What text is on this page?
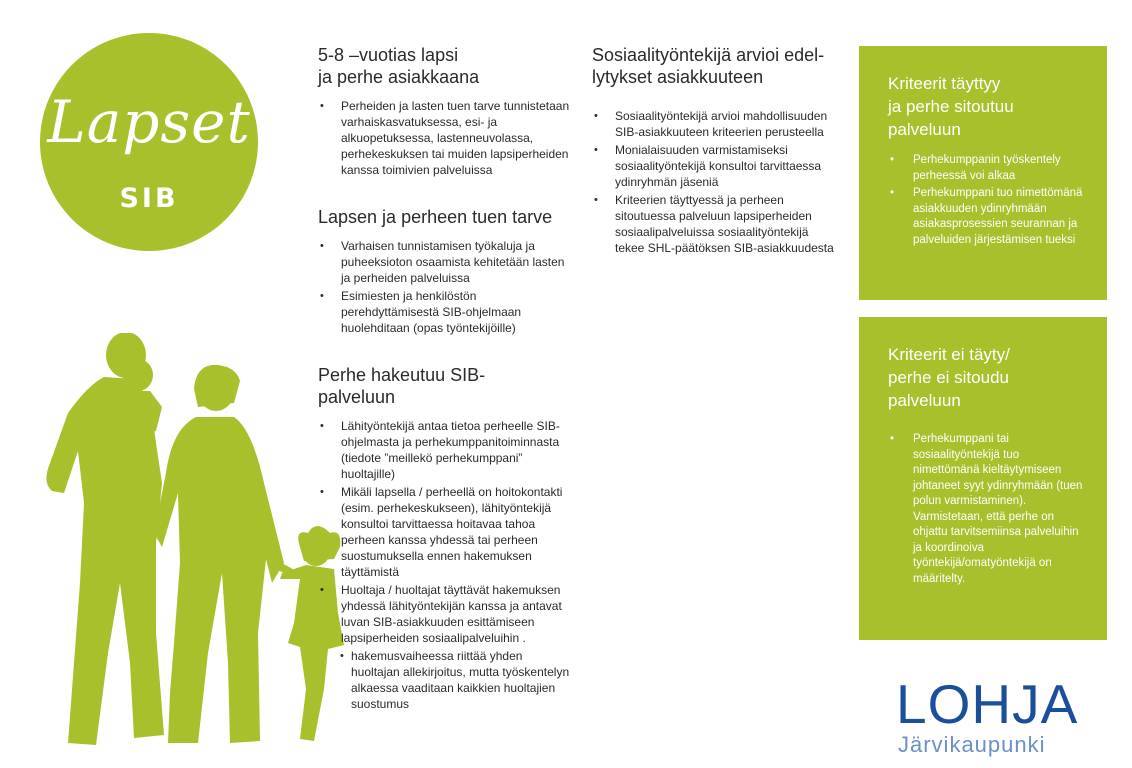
Lapset
SIB
5-8 –vuotias lapsi
ja perhe asiakkaana
• Perheiden ja lasten tuen tarve tunnistetaan varhaiskasvatuksessa, esi- ja alkuopetuksessa, lastenneuvolassa, perhekeskuksen tai muiden lapsiperheiden kanssa toimivien palveluissa
Lapsen ja perheen tuen tarve
• Varhaisen tunnistamisen työkaluja ja puheeksioton osaamista kehitetään lasten ja perheiden palveluissa
• Esimiesten ja henkilöstön perehdyttämisestä SIB-ohjelmaan huolehditaan (opas työntekijöille)
Perhe hakeutuu SIB-
palveluun
• Lähityöntekijä antaa tietoa perheelle SIB-ohjelmasta ja perhekumppanitoiminnasta (tiedote ”meillekö perhekumppani” huoltajille)
• Mikäli lapsella / perheellä on hoitokontakti (esim. perhekeskukseen), lähityöntekijä konsultoi tarvittaessa hoitavaa tahoa perheen kanssa yhdessä tai perheen suostumuksella ennen hakemuksen täyttämistä
• Huoltaja / huoltajat täyttävät hakemuksen yhdessä lähityöntekijän kanssa ja antavat luvan SIB-asiakkuuden esittämiseen lapsiperheiden sosiaalipalveluihin .
• hakemusvaiheessa riittää yhden huoltajan allekirjoitus, mutta työskentelyn alkaessa vaaditaan kaikkien huoltajien suostumus
Sosiaalityöntekijä arvioi edel-
lytykset asiakkuuteen
• Sosiaalityöntekijä arvioi mahdollisuuden SIB-asiakkuuteen kriteerien perusteella
• Monialaisuuden varmistamiseksi sosiaalityöntekijä konsultoi tarvittaessa ydinryhmän jäseniä
• Kriteerien täyttyessä ja perheen sitoutuessa palveluun lapsiperheiden sosiaalipalveluissa sosiaalityöntekijä tekee SHL-päätöksen SIB-asiakkuudesta
Kriteerit täyttyy
ja perhe sitoutuu
palveluun
• Perhekumppanin työskentely perheessä voi alkaa
• Perhekumppani tuo nimettömänä asiakkuuden ydinryhmään asiakasprosessien seurannan ja palveluiden järjestämisen tueksi
Kriteerit ei täyty/
perhe ei sitoudu
palveluun
• Perhekumppani tai sosiaalityöntekijä tuo nimettömänä kieltäytymiseen johtaneet syyt ydinryhmään (tuen polun varmistaminen). Varmistetaan, että perhe on ohjattu tarvitsemiinsa palveluihin ja koordinoiva työntekijä/omatyöntekijä on määritelty.
LOHJA
Järvikaupunki
